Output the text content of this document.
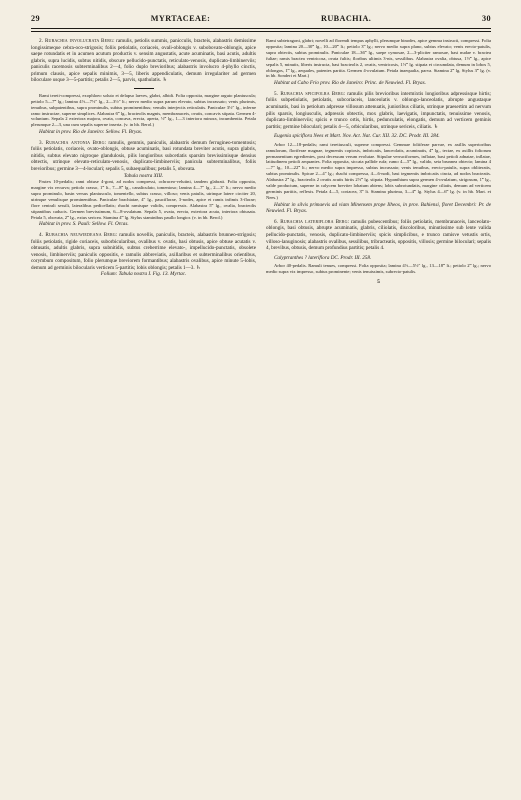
29	MYRTACEAE:	RUBACHIA.	30

2. Rubachia involucrata Berg: ramulis, petiolis summis, panicculis, bracteis, alabastris demissime longissimeque cebra-oco-strigosis; foliis petiolatis, coriaceis, ovali-oblongis v. subobovato-oblongis, apice saepe rotundatis et in acumen acutum productis v. sensim angustatis, acute acuminatis, basi acutis, adultis glabris, supra lucidis, subtus nitidis, obscure pellucido-punctatis, reticulato-venosis, duplicato-limbinerviis; paniculis racemosis subterminalibus 2—4, folio duplo brevioribus; alabastris involucro 4-phyllo cinctis, primum clausis, apice sepalis minimis, 3—5, liberis appendiculatis, demum irregulariter ad germen bilocularе usque 3—5-partitis; petalis 2—5, parvis, spathulatis. ♄

Rami tereti-compressi, exophloeo soluto et delapso laeves, glabri, albidi. Folia opposita, margine arguto planiuscula; petiolo 5—7‴ lg.; lamina 4½—7½″ lg., 2—3½″ lt.; nervo medio supra parum elevato, subtus incrassato; venis plurimis, tenuibus, subpatentibus, supra prominulis, subtus prominentibus; venulis interjectis reticulatis. Paniculae 3½″ lg., inferne ramo instructae, superne simplices. Alabastra 6‴ lg., bracteolis magnis, membranaceis, ovatis, concavis stipata. Germen 4-voluntum. Sepala 2 exteriora majora, ovata, concava, erecta, apertа, ½‴ lg., 1—3 interiora minora, incumbentia. Petala plerumque 2—3, una cum sepalis superne inserta. (v. in hb. Berol.)

Habitat in prov. Rio de Janeiro: Sellow. Fl. Bryas.

3. Rubachia antonia Berg: ramulis, gemmis, paniculis, alabastris demum ferrugineo-tomentosis; foliis petiolatis, coriaceis, ovato-oblongis, obtuse acuminatis, basi rotundata breviter acutis, supra glabris, nitidis, subtus elevato nigroque glandulosis, pilis longioribus subcetlatis sparsim brevissimisque densius obtectis, utrinque elevato-reticulato-venosis, duplicato-limbinerviis; panicula subterminalibus, foliis brevioribus; germine 3—4-loculari; sepalis 5, subaequalibus; petalis 5, obovata.

Tabula nostra XIII.

Frutex 10-pedalis; rami obtuse 4-goni, ad nodos compressi, ochraceo-velutini, tandem glabrati. Folia opposita, margine vix recurva; petiolo crasso, 1‴ lt., 7—8‴ lg., canaliculato, tomentoso; lamina 4—7″ lg., 2—3″ lt.; nervo medio supra prominulo, basin versus planiusculo, tomentello, subtus crasso, villoso; venis patulis, utrinque latere circiter 20, utrinque venulisque prominentibus. Paniculae brachiatae, 4″ lg., pauciflorae, 3-nodes, apice et ramis infimis 3-florae; flore centrali sessili, lateralibus pedicellatis; rhachi ramisque validis, compressis. Alabastra 5‴ lg., ovalia, bracteolis stipantibus caducis. Germen brevissimum, 6—8-ovulatum. Sepala 5, ovata, erecta, exteriora acuta, interiora obtusata. Petala 5, obovata, 2‴ lg., extus sericea. Stamina 4‴ lg. Stylus staminibus paullo longior. (v. in hb. Berol.)

Habitat in prov. S. Pauli: Sellow. Fl. Orcas.

4. Rubachia neuwiedeana Berg: ramulis novellis, paniculis, bracteis, alabastris brunneo-strigosis; foliis petiolatis, rigide coriaceis, suborbicularibus, ovalibus v. ovatis, basi obtusis, apice obtuse acutatis v. obtusatis, adultis glabris, supra subnitidis, subtus crebеrrime elevato-, impellucido-punctatis, obsolete venosis, limbinerviis; paniculis oppositis, e ramulis abbreviatis, axillaribus et subterminalibus orientibus, corymbum compositum, folio plerumque breviorem formantibus; alabastris ovalibus, apice minute 5-lobis, demum ad germinis bilocularis verticem 5-partitis; lobis oblongis; petalis 1—3. ♄

Folium: Tabula nostra I. Fig. 13. Myrtac.

Rami subtetragoni, glabri; novelli ad florendi tempus aphylli, plerumque binodes, apice gemma instructi, compressi. Folia opposita; lamina 20—30‴ lg., 10—20‴ lt.; petiolo 3‴ lg.; nervo medio supra plano, subtus elevato; venis erecto-patulis, supra obtectis, subtus prominulis. Paniculae 18—36‴ lg., saepe cymosae, 2—3-pliciter ramosae, basi nudae v. bractea fultae; ramis bractea ventricosa, ovata fultis; floribus ultimis 3-nis, sessilibus. Alabastra ovalia, obtusa, 1½‴ lg., apice sepalis 5, minutis, liberis instructa, basi bracteolis 2, ovatis, ventricosis, 1½‴ lg. stipata et circumdata, demum in lobos 5, oblongos, 1‴ lg., aequales, patentes partita. Germen 4-ovulatum. Petala inaequalia, parva. Stamina 2‴ lg. Stylus 3‴ lg. (v. in hb. Sonderi et Mart.)

Habitat ad Cabo Frio prov. Rio de Janeiro: Princ. de Neuwied. Fl. Bryas.

5. Rubachia spicifolra Berg: ramulis pilis brevioribus intermixtis longioribus adpressisque hirtis; foliis subpetiolatis, petiolatis, subcoriaceis, lanceolatis v. oblongo-lanceolatis, abrupte angustaque acuminatis, basi in petiolum adpresse villosum attenuatis, junioribus ciliatis, utrinque praesertim ad nervum pilis sparsis, longiusculis, adpressis obtectis, mox glabris, laevigatis, impunctatis, tenuissime venosis, duplicato-limbinerviis; spicis e trunco ortis, hirtis, pedunculatis, elongatis, demum ad verticem geminis partitis; germine biloculari; petalis 4—5, orbicularibus, utrinque sericeis, ciliatis. ♄

Eugenia spiciflora Nees et Mart. Nov. Act. Nat. Cur. XII. 32. DC. Prodr. III. 284.

Arbor 12—18-pedalis; rami teretiusculi, superne compressi. Gemmae foliiferae parvae, ex axillis superioribus ramulorum, floriferae magnae, tegmentis copiosis, imbricatis, lanceolatis, acuminatis, 4‴ lg., tectae, ex axillis foliorum permanentium egredientes, post decessum verum evolutae. Stipulae verruciformes, inflatae, basi petioli adnatae, inflatae, latitudinem petioli aequantes. Folia opposita, siccata pallide rufa; rumo 4—5‴ lg., valido, seta brunnea obtecto; lamina 4—7″ lg., 10—22‴ lt.; nervo medio supra impresso, subtus incrassato; venis tenuibus, erecto-patulis, supra obliteratis, subtus prominulis. Spicae 2—4″ lg.; rhachi compressa, 4—6-nodi, basi tegmentis imbricatis cincta, ad nodos bracteatis. Alabastra 2‴ lg., bracteolis 2 ovatis acutis hirtis 2½‴ lg. stipata. Hypanthium supra germen 4-ovulatum, strigosum, 1‴ lg., valde productum, superne in calycem breviter lobatum abiens; lobis subrotundatis, margine ciliatis, demum ad verticem germinis partitis, reflexis. Petala 4—5, coriacea, 3‴ lt. Stamina plurima, 3—4‴ lg. Stylus 4—6‴ lg. (v. in hb. Mart. et Nees.)

Habitat in silvis primaevis ad viam Minensem prope Ilheos, in prov. Bahiensi, floret Decembri: Pr. de Neuwied. Fl. Bryas.

6. Rubachia lateriflora Berg: ramulis pubescentibus; foliis petiolatis, membranaceis, lanceolato-oblongis, basi obtusis, abrupte acuminatis, glabris, ciliolatis, discoloribus, minutissime sub lente valida pellucido-punctatis, venosis, duplicato-limbinerviis; spicis simplicibus, e trunco ramisve vetustis ortis, villoso-lanuginosis; alabastris ovalibus, sessilibus, tribracteatis, oppositis, villosis; germine biloculari; sepalis 4, brevibus, obtusis, demum profundius partitis; petalis 4.

Calyptranthes ? lateriflora DC. Prodr. III. 258.

Arbor 40-pedalis. Ramuli tenues, compressi. Folia opposita; lamina 4½—5½″ lg., 13—18‴ lt.; petiolo 2‴ lg.; nervo medio supra vix impresso, subtus prominente; venis tenuissimis, subrecto-patulis.

5
